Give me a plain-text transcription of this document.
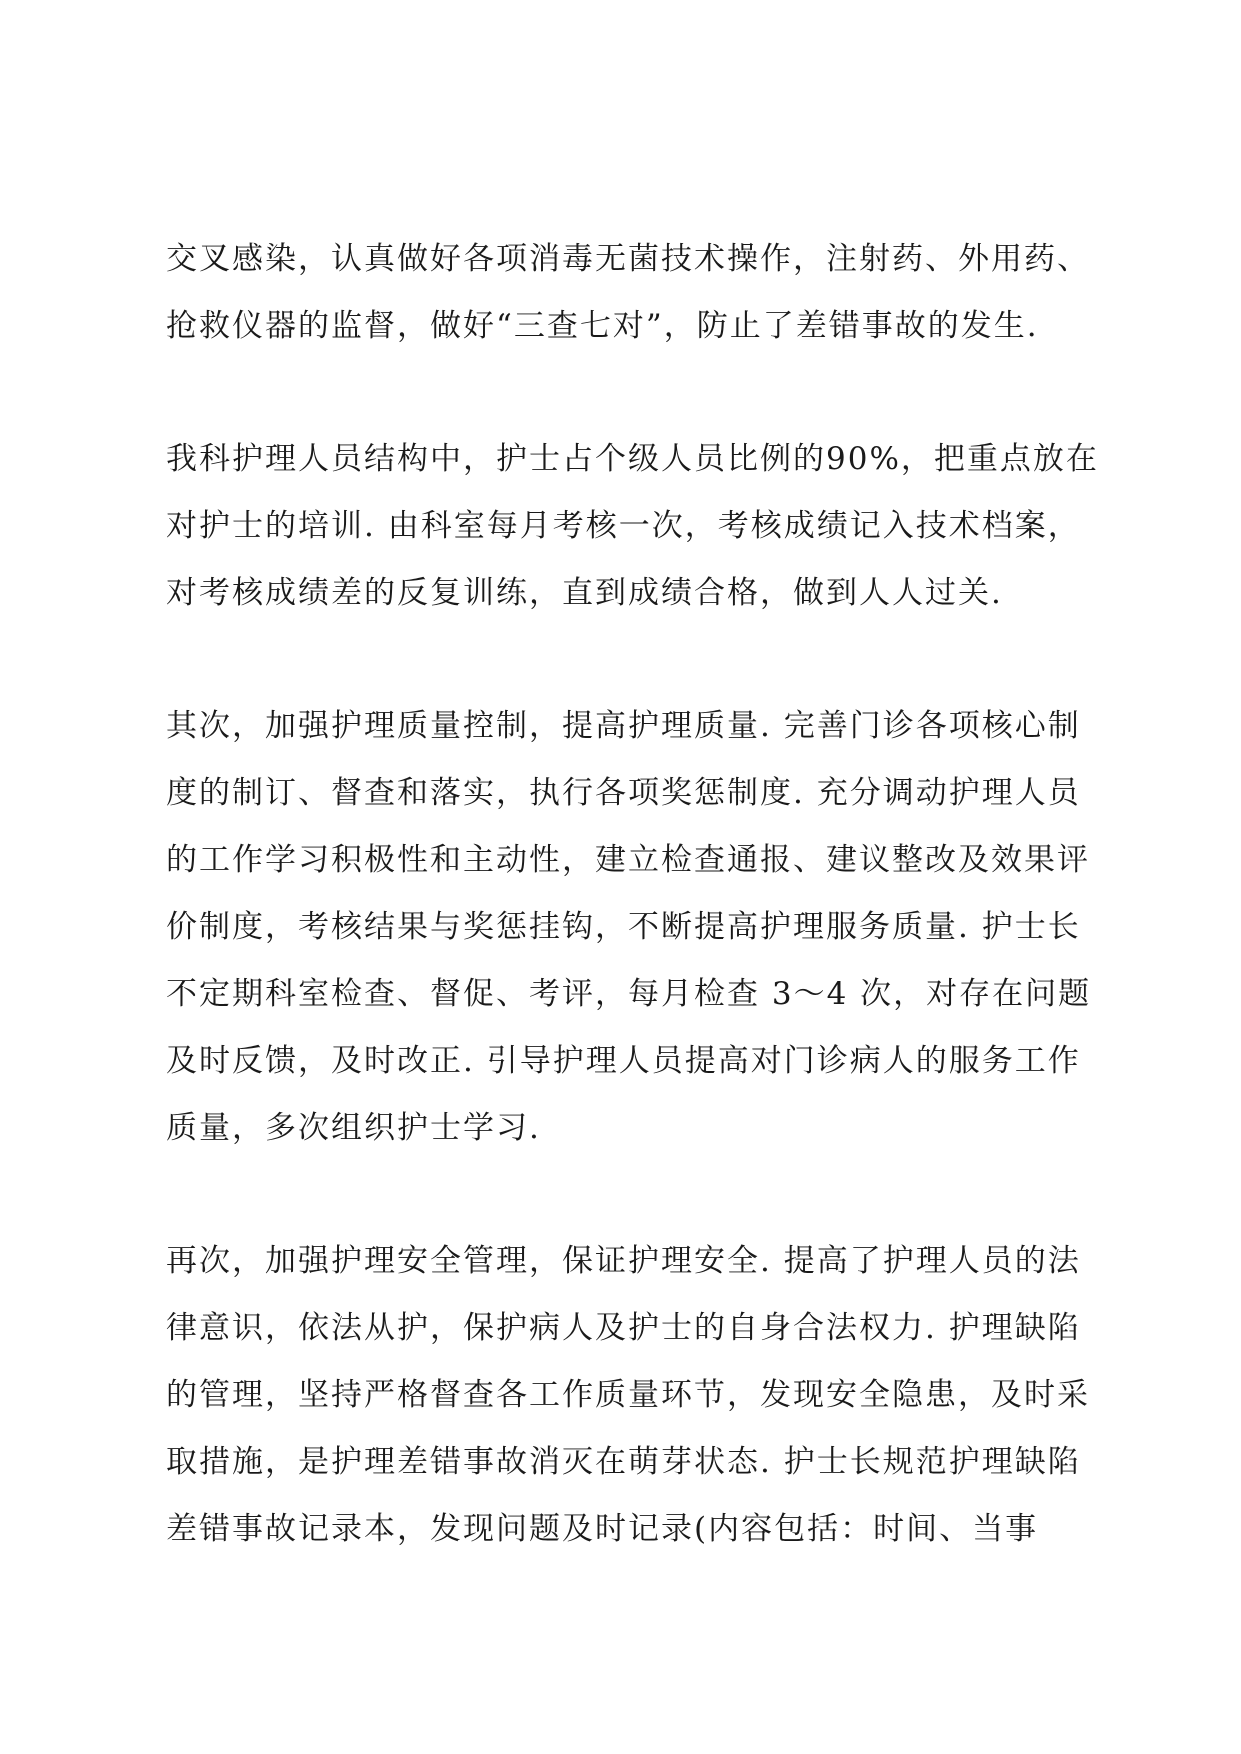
交叉感染，认真做好各项消毒无菌技术操作，注射药、外用药、
抢救仪器的监督，做好“三查七对”，防止了差错事故的发生.

我科护理人员结构中，护士占个级人员比例的90%，把重点放在
对护士的培训. 由科室每月考核一次，考核成绩记入技术档案，
对考核成绩差的反复训练，直到成绩合格，做到人人过关.

其次，加强护理质量控制，提高护理质量. 完善门诊各项核心制
度的制订、督查和落实，执行各项奖惩制度. 充分调动护理人员
的工作学习积极性和主动性，建立检查通报、建议整改及效果评
价制度，考核结果与奖惩挂钩，不断提高护理服务质量. 护士长
不定期科室检查、督促、考评，每月检查 3～4 次，对存在问题
及时反馈，及时改正. 引导护理人员提高对门诊病人的服务工作
质量，多次组织护士学习.

再次，加强护理安全管理，保证护理安全. 提高了护理人员的法
律意识，依法从护，保护病人及护士的自身合法权力. 护理缺陷
的管理，坚持严格督查各工作质量环节，发现安全隐患，及时采
取措施，是护理差错事故消灭在萌芽状态. 护士长规范护理缺陷
差错事故记录本，发现问题及时记录(内容包括：时间、当事
